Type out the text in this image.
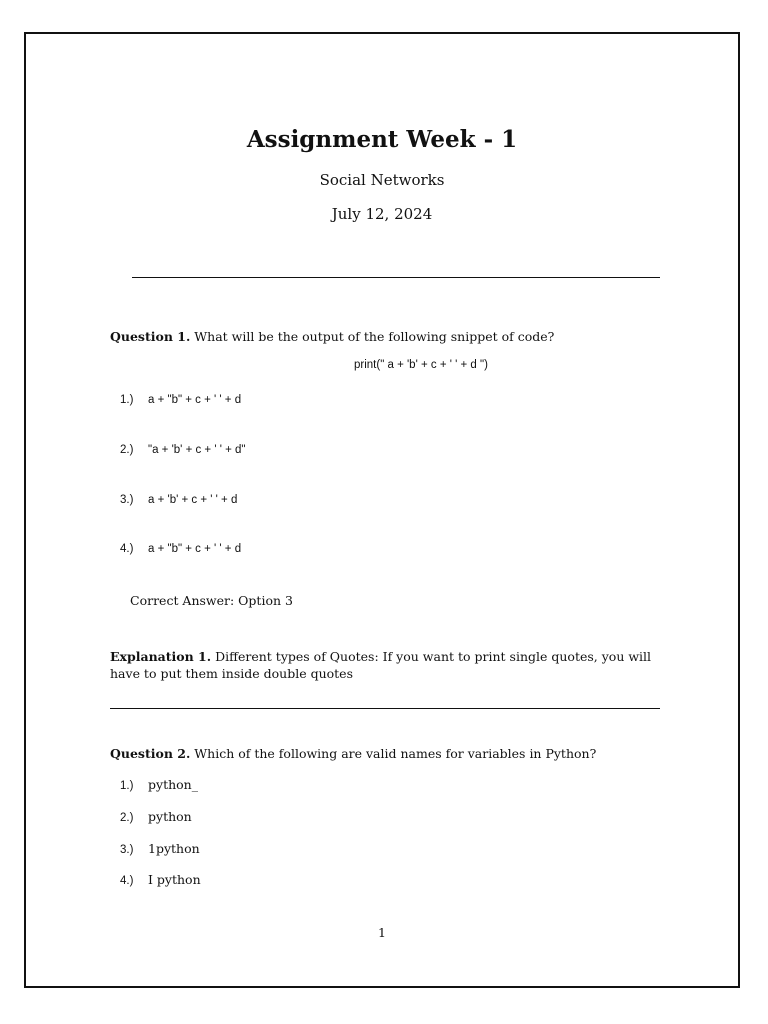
Assignment Week - 1
Social Networks
July 12, 2024
Question 1. What will be the output of the following snippet of code?
print(" a + 'b' + c + ' ' + d ")
1.) a + "b" + c + ' ' + d
2.) "a + 'b' + c + ' ' + d"
3.) a + 'b' + c + ' ' + d
4.) a + "b" + c + ' ' + d
Correct Answer: Option 3
Explanation 1. Different types of Quotes: If you want to print single quotes, you will have to put them inside double quotes
Question 2. Which of the following are valid names for variables in Python?
1.) python_
2.) python
3.) 1python
4.) I python
1
